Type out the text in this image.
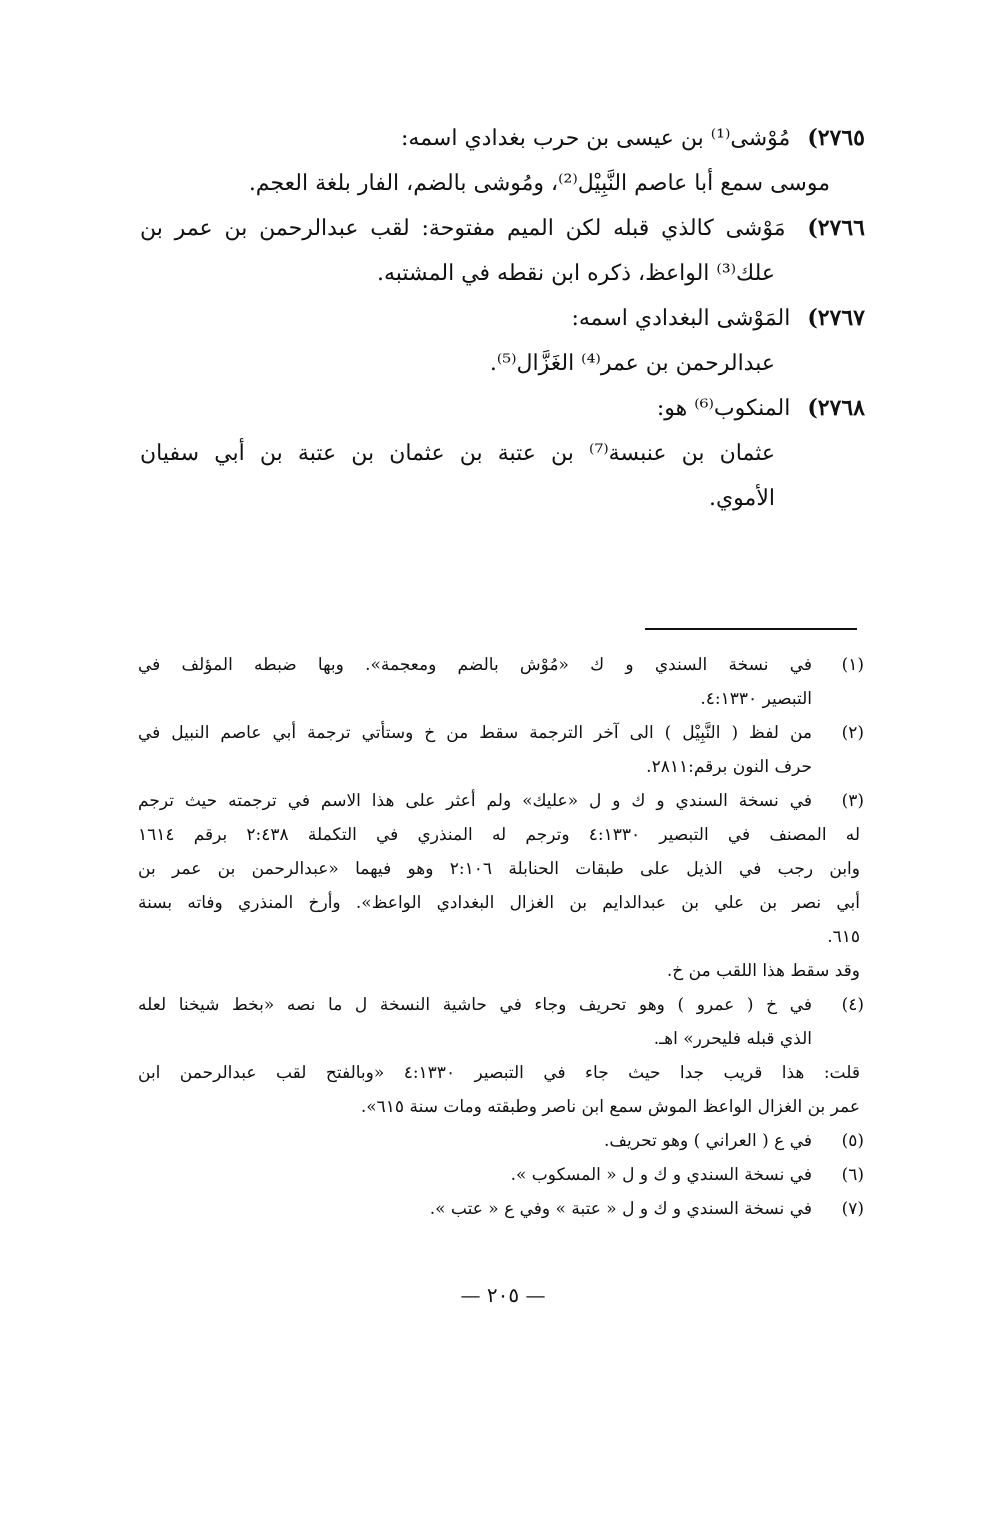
٢٧٦٥) مُوْشى⁽¹⁾ بن عيسى بن حرب بغدادي اسمه:
موسى سمع أبا عاصم النَّبِيْل⁽²⁾، ومُوشى بالضم، الفار بلغة العجم.
٢٧٦٦) مَوْشى كالذي قبله لكن الميم مفتوحة: لقب عبدالرحمن بن عمر بن
علك⁽³⁾ الواعظ، ذكره ابن نقطه في المشتبه.
٢٧٦٧) المَوْشى البغدادي اسمه:
عبدالرحمن بن عمر⁽⁴⁾ الغَزَّال⁽⁵⁾.
٢٧٦٨) المنكوب⁽⁶⁾ هو:
عثمان بن عنبسة⁽⁷⁾ بن عتبة بن عثمان بن عتبة بن أبي سفيان
الأموي.
(١)
في نسخة السندي و ك «مُوْش بالضم ومعجمة». وبها ضبطه المؤلف في
التبصير ٤:١٣٣٠.
(٢)
من لفظ ( النَّبِيْل ) الى آخر الترجمة سقط من خ وستأتي ترجمة أبي عاصم النبيل في
حرف النون برقم:٢٨١١.
(٣)
في نسخة السندي و ك و ل «عليك» ولم أعثر على هذا الاسم في ترجمته حيث ترجم
له المصنف في التبصير ٤:١٣٣٠ وترجم له المنذري في التكملة ٢:٤٣٨ برقم ١٦١٤
وابن رجب في الذيل على طبقات الحنابلة ٢:١٠٦ وهو فيهما «عبدالرحمن بن عمر بن
أبي نصر بن علي بن عبدالدايم بن الغزال البغدادي الواعظ». وأرخ المنذري وفاته بسنة
٦١٥.
وقد سقط هذا اللقب من خ.
(٤)
في خ ( عمرو ) وهو تحريف وجاء في حاشية النسخة ل ما نصه «بخط شيخنا لعله
الذي قبله فليحرر» اهـ.
قلت: هذا قريب جدا حيث جاء في التبصير ٤:١٣٣٠ «وبالفتح لقب عبدالرحمن ابن
عمر بن الغزال الواعظ الموش سمع ابن ناصر وطبقته ومات سنة ٦١٥».
(٥)
في ع ( العراني ) وهو تحريف.
(٦)
في نسخة السندي و ك و ل « المسكوب ».
(٧)
في نسخة السندي و ك و ل « عتبة » وفي ع « عتب ».
— ٢٠٥ —
